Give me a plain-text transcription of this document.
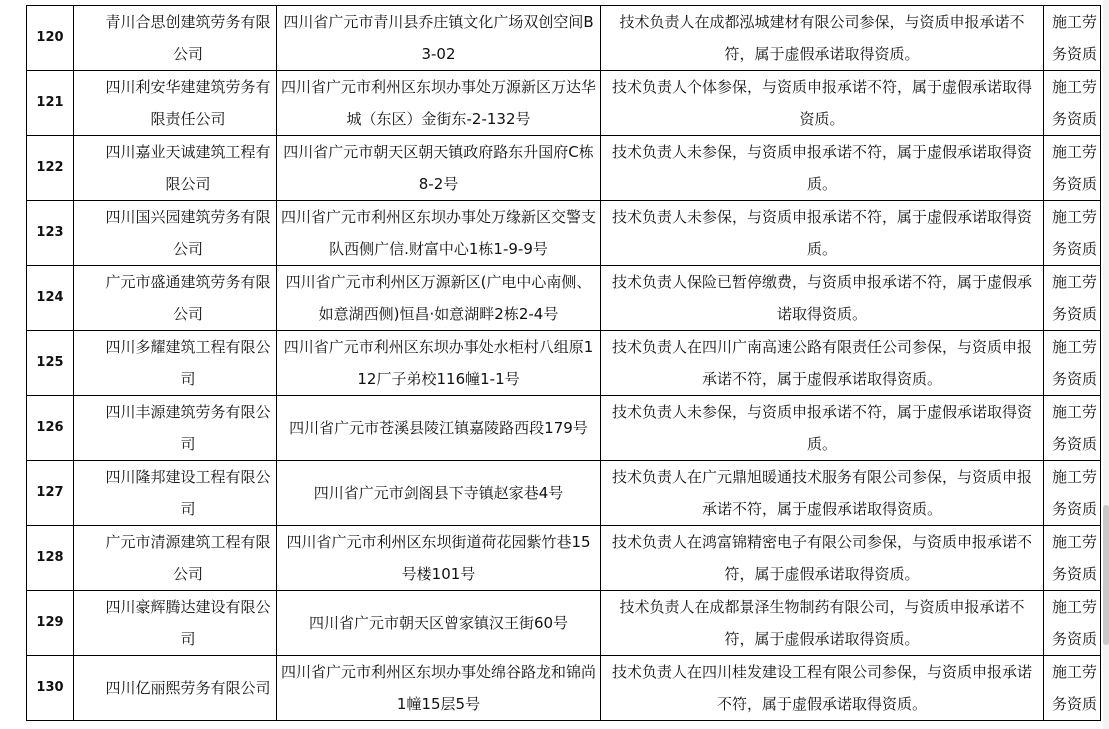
120
青川合思创建筑劳务有限公司
四川省广元市青川县乔庄镇文化广场双创空间B3-02
技术负责人在成都泓城建材有限公司参保，与资质申报承诺不符，属于虚假承诺取得资质。
施工劳务资质
121
四川利安华建建筑劳务有限责任公司
四川省广元市利州区东坝办事处万源新区万达华城（东区）金街东-2-132号
技术负责人个体参保，与资质申报承诺不符，属于虚假承诺取得资质。
施工劳务资质
122
四川嘉业天诚建筑工程有限公司
四川省广元市朝天区朝天镇政府路东升国府C栋8-2号
技术负责人未参保，与资质申报承诺不符，属于虚假承诺取得资质。
施工劳务资质
123
四川国兴园建筑劳务有限公司
四川省广元市利州区东坝办事处万缘新区交警支队西侧广信.财富中心1栋1-9-9号
技术负责人未参保，与资质申报承诺不符，属于虚假承诺取得资质。
施工劳务资质
124
广元市盛通建筑劳务有限公司
四川省广元市利州区万源新区(广电中心南侧、如意湖西侧)恒昌·如意湖畔2栋2-4号
技术负责人保险已暂停缴费，与资质申报承诺不符，属于虚假承诺取得资质。
施工劳务资质
125
四川多耀建筑工程有限公司
四川省广元市利州区东坝办事处水柜村八组原112厂子弟校116幢1-1号
技术负责人在四川广南高速公路有限责任公司参保，与资质申报承诺不符，属于虚假承诺取得资质。
施工劳务资质
126
四川丰源建筑劳务有限公司
四川省广元市苍溪县陵江镇嘉陵路西段179号
技术负责人未参保，与资质申报承诺不符，属于虚假承诺取得资质。
施工劳务资质
127
四川隆邦建设工程有限公司
四川省广元市剑阁县下寺镇赵家巷4号
技术负责人在广元鼎旭暖通技术服务有限公司参保，与资质申报承诺不符，属于虚假承诺取得资质。
施工劳务资质
128
广元市清源建筑工程有限公司
四川省广元市利州区东坝街道荷花园紫竹巷15号楼101号
技术负责人在鸿富锦精密电子有限公司参保，与资质申报承诺不符，属于虚假承诺取得资质。
施工劳务资质
129
四川豪辉腾达建设有限公司
四川省广元市朝天区曾家镇汉王街60号
技术负责人在成都景泽生物制药有限公司，与资质申报承诺不符，属于虚假承诺取得资质。
施工劳务资质
130	四川亿丽熙劳务有限公司
四川省广元市利州区东坝办事处绵谷路龙和锦尚1幢15层5号
技术负责人在四川桂发建设工程有限公司参保，与资质申报承诺不符，属于虚假承诺取得资质。
施工劳务资质
